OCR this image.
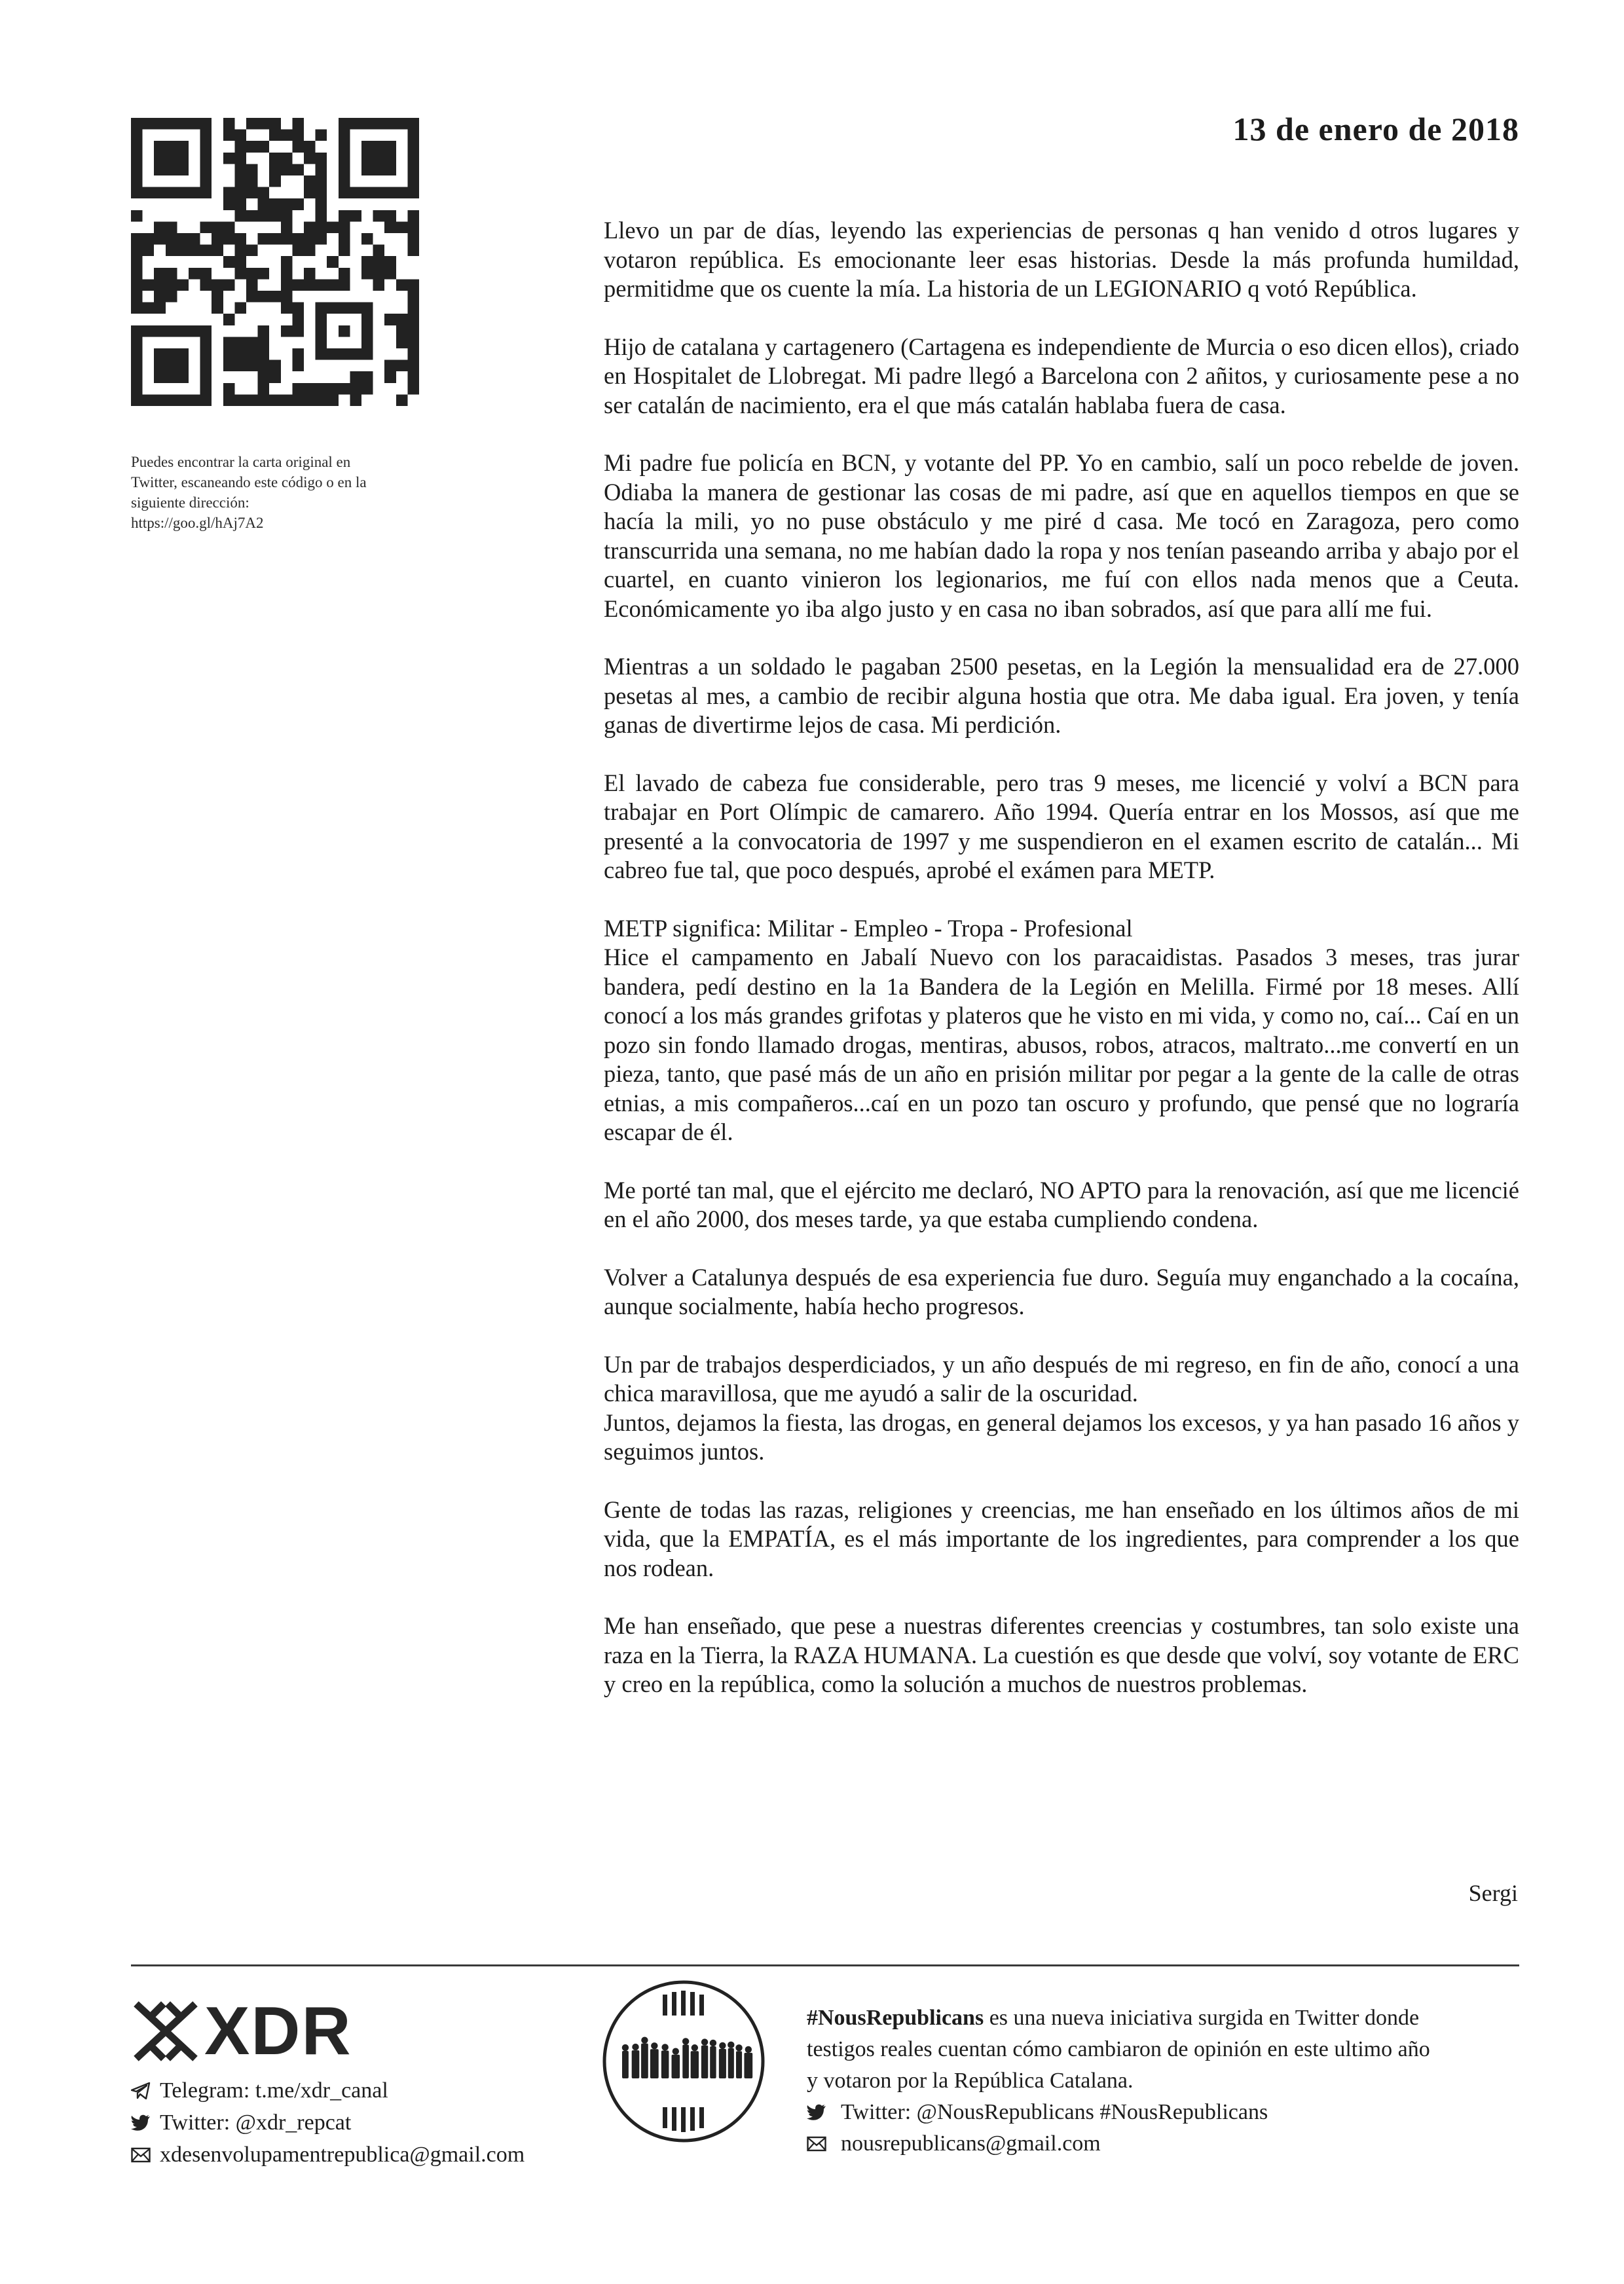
Puedes encontrar la carta original en
Twitter, escaneando este código o en la
siguiente dirección:
https://goo.gl/hAj7A2
13 de enero de 2018

Llevo un par de días, leyendo las experiencias de personas q han venido d otros lugares y votaron república. Es emocionante leer esas historias. Desde la más profunda humildad, permitidme que os cuente la mía. La historia de un LEGIONARIO q votó República.

Hijo de catalana y cartagenero (Cartagena es independiente de Murcia o eso dicen ellos), criado en Hospitalet de Llobregat. Mi padre llegó a Barcelona con 2 añitos, y curiosamente pese a no ser catalán de nacimiento, era el que más catalán hablaba fuera de casa.

Mi padre fue policía en BCN, y votante del PP. Yo en cambio, salí un poco rebelde de joven. Odiaba la manera de gestionar las cosas de mi padre, así que en aquellos tiempos en que se hacía la mili, yo no puse obstáculo y me piré d casa. Me tocó en Zaragoza, pero como transcurrida una semana, no me habían dado la ropa y nos tenían paseando arriba y abajo por el cuartel, en cuanto vinieron los legionarios, me fuí con ellos nada menos que a Ceuta. Económicamente yo iba algo justo y en casa no iban sobrados, así que para allí me fui.

Mientras a un soldado le pagaban 2500 pesetas, en la Legión la mensualidad era de 27.000 pesetas al mes, a cambio de recibir alguna hostia que otra. Me daba igual. Era joven, y tenía ganas de divertirme lejos de casa. Mi perdición.

El lavado de cabeza fue considerable, pero tras 9 meses, me licencié y volví a BCN para trabajar en Port Olímpic de camarero. Año 1994. Quería entrar en los Mossos, así que me presenté a la convocatoria de 1997 y me suspendieron en el examen escrito de catalán... Mi cabreo fue tal, que poco después, aprobé el exámen para METP.

METP significa: Militar - Empleo - Tropa - Profesional

Hice el campamento en Jabalí Nuevo con los paracaidistas. Pasados 3 meses, tras jurar bandera, pedí destino en la 1a Bandera de la Legión en Melilla. Firmé por 18 meses. Allí conocí a los más grandes grifotas y plateros que he visto en mi vida, y como no, caí... Caí en un pozo sin fondo llamado drogas, mentiras, abusos, robos, atracos, maltrato...me convertí en un pieza, tanto, que pasé más de un año en prisión militar por pegar a la gente de la calle de otras etnias, a mis compañeros...caí en un pozo tan oscuro y profundo, que pensé que no lograría escapar de él.

Me porté tan mal, que el ejército me declaró, NO APTO para la renovación, así que me licencié en el año 2000, dos meses tarde, ya que estaba cumpliendo condena.

Volver a Catalunya después de esa experiencia fue duro. Seguía muy enganchado a la cocaína, aunque socialmente, había hecho progresos.

Un par de trabajos desperdiciados, y un año después de mi regreso, en fin de año, conocí a una chica maravillosa, que me ayudó a salir de la oscuridad.

Juntos, dejamos la fiesta, las drogas, en general dejamos los excesos, y ya han pasado 16 años y seguimos juntos.

Gente de todas las razas, religiones y creencias, me han enseñado en los últimos años de mi vida, que la EMPATÍA, es el más importante de los ingredientes, para comprender a los que nos rodean.

Me han enseñado, que pese a nuestras diferentes creencias y costumbres, tan solo existe una raza en la Tierra, la RAZA HUMANA. La cuestión es que desde que volví, soy votante de ERC y creo en la república, como la solución a muchos de nuestros problemas.

Sergi
XDR
Telegram: t.me/xdr_canal
Twitter: @xdr_repcat
xdesenvolupamentrepublica@gmail.com
#NousRepublicans es una nueva iniciativa surgida en Twitter donde
testigos reales cuentan cómo cambiaron de opinión en este ultimo año
y votaron por la República Catalana.
Twitter: @NousRepublicans #NousRepublicans
nousrepublicans@gmail.com
